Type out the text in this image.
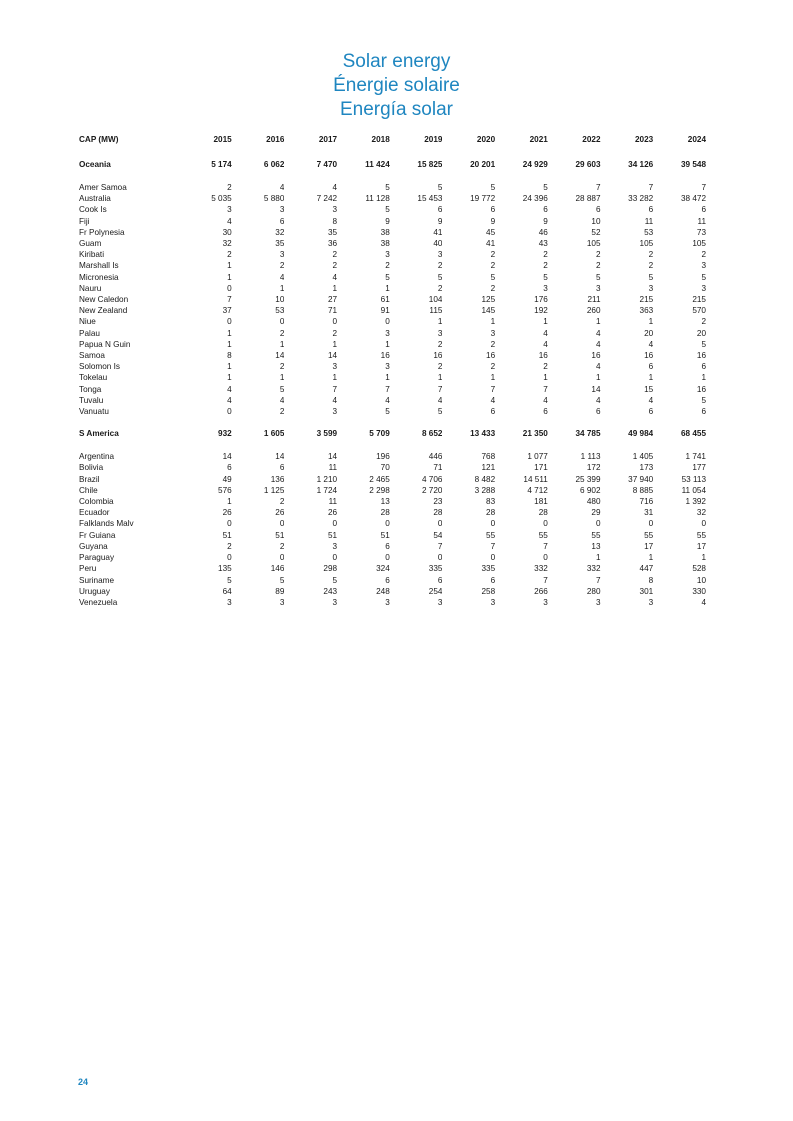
Solar energy
Énergie solaire
Energía solar
CAP (MW)	2015	2016	2017	2018	2019	2020	2021	2022	2023	2024

Oceania	5 174	6 062	7 470	11 424	15 825	20 201	24 929	29 603	34 126	39 548

Amer Samoa	2	4	4	5	5	5	5	7	7	7
Australia	5 035	5 880	7 242	11 128	15 453	19 772	24 396	28 887	33 282	38 472
Cook Is	3	3	3	5	6	6	6	6	6	6
Fiji	4	6	8	9	9	9	9	10	11	11
Fr Polynesia	30	32	35	38	41	45	46	52	53	73
Guam	32	35	36	38	40	41	43	105	105	105
Kiribati	2	3	2	3	3	2	2	2	2	2
Marshall Is	1	2	2	2	2	2	2	2	2	3
Micronesia	1	4	4	5	5	5	5	5	5	5
Nauru	0	1	1	1	2	2	3	3	3	3
New Caledon	7	10	27	61	104	125	176	211	215	215
New Zealand	37	53	71	91	115	145	192	260	363	570
Niue	0	0	0	0	1	1	1	1	1	2
Palau	1	2	2	3	3	3	4	4	20	20
Papua N Guin	1	1	1	1	2	2	4	4	4	5
Samoa	8	14	14	16	16	16	16	16	16	16
Solomon Is	1	2	3	3	2	2	2	4	6	6
Tokelau	1	1	1	1	1	1	1	1	1	1
Tonga	4	5	7	7	7	7	7	14	15	16
Tuvalu	4	4	4	4	4	4	4	4	4	5
Vanuatu	0	2	3	5	5	6	6	6	6	6

S America	932	1 605	3 599	5 709	8 652	13 433	21 350	34 785	49 984	68 455

Argentina	14	14	14	196	446	768	1 077	1 113	1 405	1 741
Bolivia	6	6	11	70	71	121	171	172	173	177
Brazil	49	136	1 210	2 465	4 706	8 482	14 511	25 399	37 940	53 113
Chile	576	1 125	1 724	2 298	2 720	3 288	4 712	6 902	8 885	11 054
Colombia	1	2	11	13	23	83	181	480	716	1 392
Ecuador	26	26	26	28	28	28	28	29	31	32
Falklands Malv	0	0	0	0	0	0	0	0	0	0
Fr Guiana	51	51	51	51	54	55	55	55	55	55
Guyana	2	2	3	6	7	7	7	13	17	17
Paraguay	0	0	0	0	0	0	0	1	1	1
Peru	135	146	298	324	335	335	332	332	447	528
Suriname	5	5	5	6	6	6	7	7	8	10
Uruguay	64	89	243	248	254	258	266	280	301	330
Venezuela	3	3	3	3	3	3	3	3	3	4
24
